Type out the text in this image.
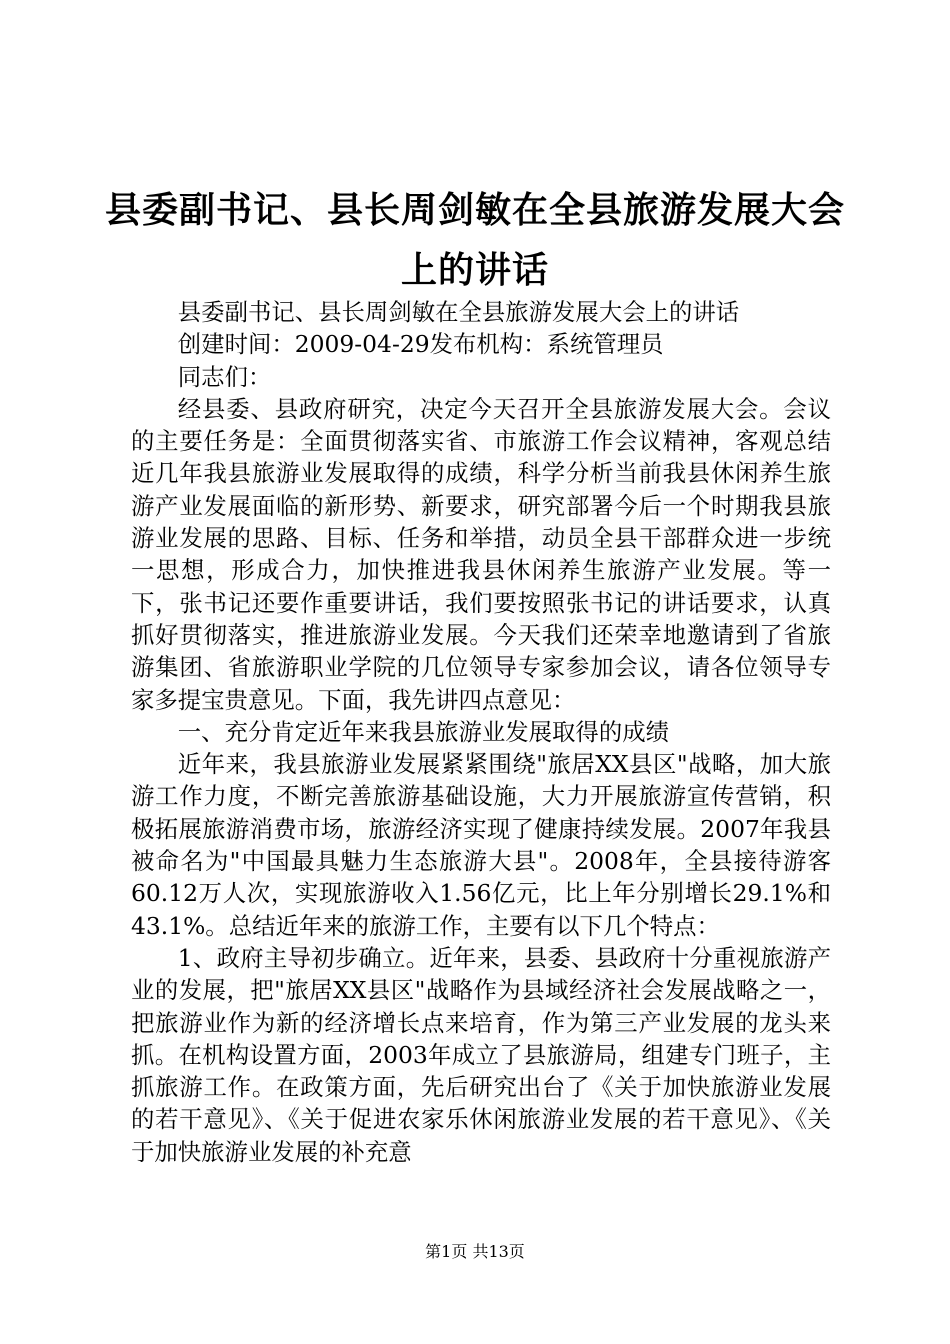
县委副书记、县长周剑敏在全县旅游发展大会
上的讲话

县委副书记、县长周剑敏在全县旅游发展大会上的讲话

创建时间：2009-04-29发布机构：系统管理员

同志们：

经县委、县政府研究，决定今天召开全县旅游发展大会。会议的主要任务是：全面贯彻落实省、市旅游工作会议精神，客观总结近几年我县旅游业发展取得的成绩，科学分析当前我县休闲养生旅游产业发展面临的新形势、新要求，研究部署今后一个时期我县旅游业发展的思路、目标、任务和举措，动员全县干部群众进一步统一思想，形成合力，加快推进我县休闲养生旅游产业发展。等一下，张书记还要作重要讲话，我们要按照张书记的讲话要求，认真抓好贯彻落实，推进旅游业发展。今天我们还荣幸地邀请到了省旅游集团、省旅游职业学院的几位领导专家参加会议，请各位领导专家多提宝贵意见。下面，我先讲四点意见：

一、充分肯定近年来我县旅游业发展取得的成绩

近年来，我县旅游业发展紧紧围绕"旅居XX县区"战略，加大旅游工作力度，不断完善旅游基础设施，大力开展旅游宣传营销，积极拓展旅游消费市场，旅游经济实现了健康持续发展。2007年我县被命名为"中国最具魅力生态旅游大县"。2008年，全县接待游客60.12万人次，实现旅游收入1.56亿元，比上年分别增长29.1%和43.1%。总结近年来的旅游工作，主要有以下几个特点：

1、政府主导初步确立。近年来，县委、县政府十分重视旅游产业的发展，把"旅居XX县区"战略作为县域经济社会发展战略之一，把旅游业作为新的经济增长点来培育，作为第三产业发展的龙头来抓。在机构设置方面，2003年成立了县旅游局，组建专门班子，主抓旅游工作。在政策方面，先后研究出台了《关于加快旅游业发展的若干意见》、《关于促进农家乐休闲旅游业发展的若干意见》、《关于加快旅游业发展的补充意

第1页 共13页
